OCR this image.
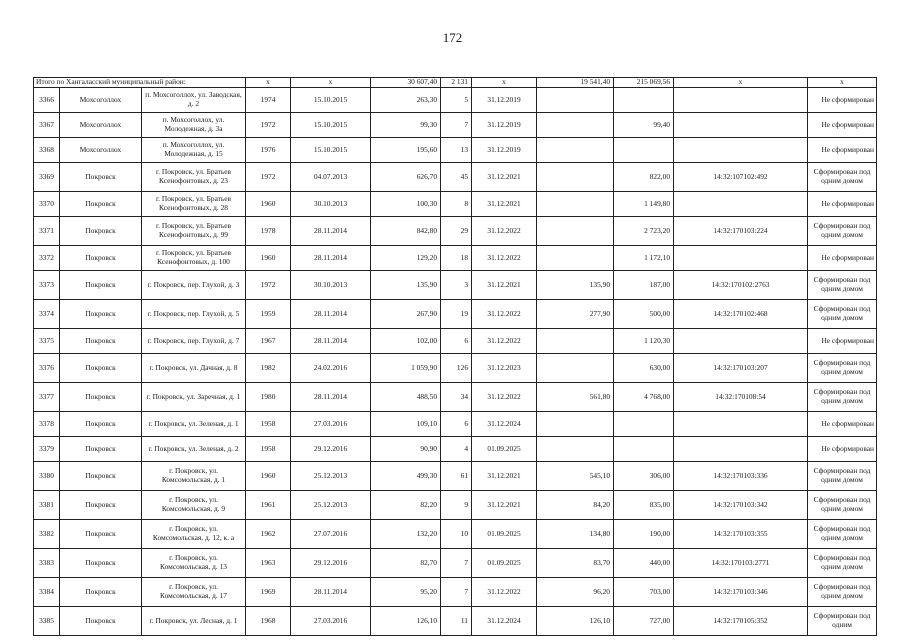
172
Итого по Хангаласский муниципальный район:			x	x	30 607,40	2 131	x	19 541,40	215 069,56	x	x
3366	Мохсоголлох	п. Мохсоголлох, ул. Заводская, д. 2	1974	15.10.2015	263,30	5	31.12.2019				Не сформирован
3367	Мохсоголлох	п. Мохсоголлох, ул. Молодежная, д. 3а	1972	15.10.2015	99,30	7	31.12.2019		99,40		Не сформирован
3368	Мохсоголлох	п. Мохсоголлох, ул. Молодежная, д. 15	1976	15.10.2015	195,60	13	31.12.2019				Не сформирован
3369	Покровск	г. Покровск, ул. Братьев Ксенофонтовых, д. 23	1972	04.07.2013	626,70	45	31.12.2021		822,00	14:32:107102:492	Сформирован под одним домом
3370	Покровск	г. Покровск, ул. Братьев Ксенофонтовых, д. 28	1960	30.10.2013	100,30	8	31.12.2021		1 149,80		Не сформирован
3371	Покровск	г. Покровск, ул. Братьев Ксенофонтовых, д. 99	1978	28.11.2014	842,80	29	31.12.2022		2 723,20	14:32:170103:224	Сформирован под одним домом
3372	Покровск	г. Покровск, ул. Братьев Ксенофонтовых, д. 100	1960	28.11.2014	129,20	18	31.12.2022		1 172,10		Не сформирован
3373	Покровск	г. Покровск, пер. Глухой, д. 3	1972	30.10.2013	135,90	3	31.12.2021	135,90	187,00	14:32:170102:2763	Сформирован под одним домом
3374	Покровск	г. Покровск, пер. Глухой, д. 5	1959	28.11.2014	267,90	19	31.12.2022	277,90	500,00	14:32:170102:468	Сформирован под одним домом
3375	Покровск	г. Покровск, пер. Глухой, д. 7	1967	28.11.2014	102,00	6	31.12.2022		1 120,30		Не сформирован
3376	Покровск	г. Покровск, ул. Дачная, д. 8	1982	24.02.2016	1 059,90	126	31.12.2023		630,00	14:32:170103:207	Сформирован под одним домом
3377	Покровск	г. Покровск, ул. Заречная, д. 1	1980	28.11.2014	488,50	34	31.12.2022	561,80	4 768,00	14:32:170108:54	Сформирован под одним домом
3378	Покровск	г. Покровск, ул. Зеленая, д. 1	1958	27.03.2016	109,10	6	31.12.2024				Не сформирован
3379	Покровск	г. Покровск, ул. Зеленая, д. 2	1958	29.12.2016	90,90	4	01.09.2025				Не сформирован
3380	Покровск	г. Покровск, ул. Комсомольская, д. 1	1960	25.12.2013	499,30	61	31.12.2021	545,10	306,00	14:32:170103:336	Сформирован под одним домом
3381	Покровск	г. Покровск, ул. Комсомольская, д. 9	1961	25.12.2013	82,20	9	31.12.2021	84,20	835,00	14:32:170103:342	Сформирован под одним домом
3382	Покровск	г. Покровск, ул. Комсомольская, д. 12, к. а	1962	27.07.2016	132,20	10	01.09.2025	134,80	190,00	14:32:170103:355	Сформирован под одним домом
3383	Покровск	г. Покровск, ул. Комсомольская, д. 13	1963	29.12.2016	82,70	7	01.09.2025	83,70	440,00	14:32:170103:2771	Сформирован под одним домом
3384	Покровск	г. Покровск, ул. Комсомольская, д. 17	1969	28.11.2014	95,20	7	31.12.2022	96,20	703,00	14:32:170103:346	Сформирован под одним домом
3385	Покровск	г. Покровск, ул. Лесная, д. 1	1968	27.03.2016	126,10	11	31.12.2024	126,10	727,00	14:32:170105:352	Сформирован под одним
